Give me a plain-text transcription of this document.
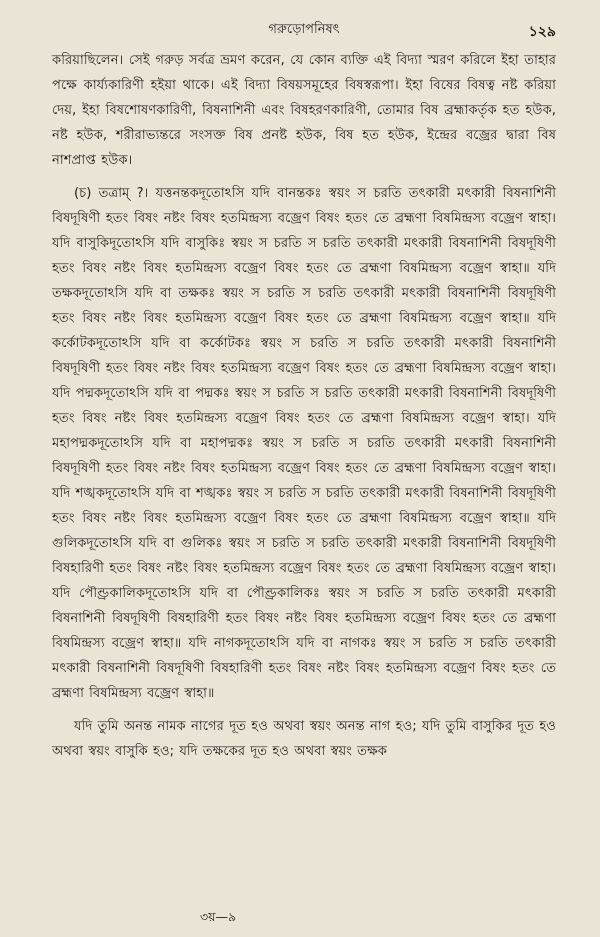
গরুড়োপনিষৎ	১২৯

করিয়াছিলেন। সেই গরুড় সর্বত্র ভ্রমণ করেন, যে কোন ব্যক্তি এই বিদ্যা স্মরণ করিলে ইহা তাহার পক্ষে কার্য্যকারিণী হইয়া থাকে। এই বিদ্যা বিষয়সমূহের বিষস্বরূপা। ইহা বিষের বিষত্ব নষ্ট করিয়া দেয়, ইহা বিষশোষণকারিণী, বিষনাশিনী এবং বিষহরণকারিণী, তোমার বিষ ব্রহ্মাকর্তৃক হত হউক, নষ্ট হউক, শরীরাভ্যন্তরে সংসক্ত বিষ প্রনষ্ট হউক, বিষ হত হউক, ইন্দ্রের বজ্রের দ্বারা বিষ নাশপ্রাপ্ত হউক।

(চ) তত্রাম্ ?। যত্তনন্তকদূতোঽসি যদি বানন্তকঃ স্বয়ং স চরতি তৎকারী মৎকারী বিষনাশিনী বিষদূষিণী হতং বিষং নষ্টং বিষং হতমিন্দ্রস্য বজ্রেণ বিষং হতং তে ব্রহ্মণা বিষমিন্দ্রস্য বজ্রেণ স্বাহা। যদি বাসুকিদূতোঽসি যদি বাসুকিঃ স্বয়ং স চরতি স চরতি তৎকারী মৎকারী বিষনাশিনী বিষদূষিণী হতং বিষং নষ্টং বিষং হতমিন্দ্রস্য বজ্রেণ বিষং হতং তে ব্রহ্মণা বিষমিন্দ্রস্য বজ্রেণ স্বাহা॥ যদি তক্ষকদূতোঽসি যদি বা তক্ষকঃ স্বয়ং স চরতি স চরতি তৎকারী মৎকারী বিষনাশিনী বিষদূষিণী হতং বিষং নষ্টং বিষং হতমিন্দ্রস্য বজ্রেণ বিষং হতং তে ব্রহ্মণা বিষমিন্দ্রস্য বজ্রেণ স্বাহা॥ যদি কর্কোটকদূতোঽসি যদি বা কর্কোটকঃ স্বয়ং স চরতি স চরতি তৎকারী মৎকারী বিষনাশিনী বিষদূষিণী হতং বিষং নষ্টং বিষং হতমিন্দ্রস্য বজ্রেণ বিষং হতং তে ব্রহ্মণা বিষমিন্দ্রস্য বজ্রেণ স্বাহা। যদি পদ্মকদূতোঽসি যদি বা পদ্মকঃ স্বয়ং স চরতি স চরতি তৎকারী মৎকারী বিষনাশিনী বিষদূষিণী হতং বিষং নষ্টং বিষং হতমিন্দ্রস্য বজ্রেণ বিষং হতং তে ব্রহ্মণা বিষমিন্দ্রস্য বজ্রেণ স্বাহা। যদি মহাপদ্মকদূতোঽসি যদি বা মহাপদ্মকঃ স্বয়ং স চরতি স চরতি তৎকারী মৎকারী বিষনাশিনী বিষদূষিণী হতং বিষং নষ্টং বিষং হতমিন্দ্রস্য বজ্রেণ বিষং হতং তে ব্রহ্মণা বিষমিন্দ্রস্য বজ্রেণ স্বাহা। যদি শঙ্খকদূতোঽসি যদি বা শঙ্খকঃ স্বয়ং স চরতি স চরতি তৎকারী মৎকারী বিষনাশিনী বিষদূষিণী হতং বিষং নষ্টং বিষং হতমিন্দ্রস্য বজ্রেণ বিষং হতং তে ব্রহ্মণা বিষমিন্দ্রস্য বজ্রেণ স্বাহা॥ যদি গুলিকদূতোঽসি যদি বা গুলিকঃ স্বয়ং স চরতি স চরতি তৎকারী মৎকারী বিষনাশিনী বিষদূষিণী বিষহারিণী হতং বিষং নষ্টং বিষং হতমিন্দ্রস্য বজ্রেণ বিষং হতং তে ব্রহ্মণা বিষমিন্দ্রস্য বজ্রেণ স্বাহা। যদি পৌণ্ড্রকালিকদূতোঽসি যদি বা পৌণ্ড্রকালিকঃ স্বয়ং স চরতি স চরতি তৎকারী মৎকারী বিষনাশিনী বিষদূষিণী বিষহারিণী হতং বিষং নষ্টং বিষং হতমিন্দ্রস্য বজ্রেণ বিষং হতং তে ব্রহ্মণা বিষমিন্দ্রস্য বজ্রেণ স্বাহা॥ যদি নাগকদূতোঽসি যদি বা নাগকঃ স্বয়ং স চরতি স চরতি তৎকারী মৎকারী বিষনাশিনী বিষদূষিণী বিষহারিণী হতং বিষং নষ্টং বিষং হতমিন্দ্রস্য বজ্রেণ বিষং হতং তে ব্রহ্মণা বিষমিন্দ্রস্য বজ্রেণ স্বাহা॥

যদি তুমি অনন্ত নামক নাগের দূত হও অথবা স্বয়ং অনন্ত নাগ হও; যদি তুমি বাসুকির দূত হও অথবা স্বয়ং বাসুকি হও; যদি তক্ষকের দূত হও অথবা স্বয়ং তক্ষক

৩য়—৯
